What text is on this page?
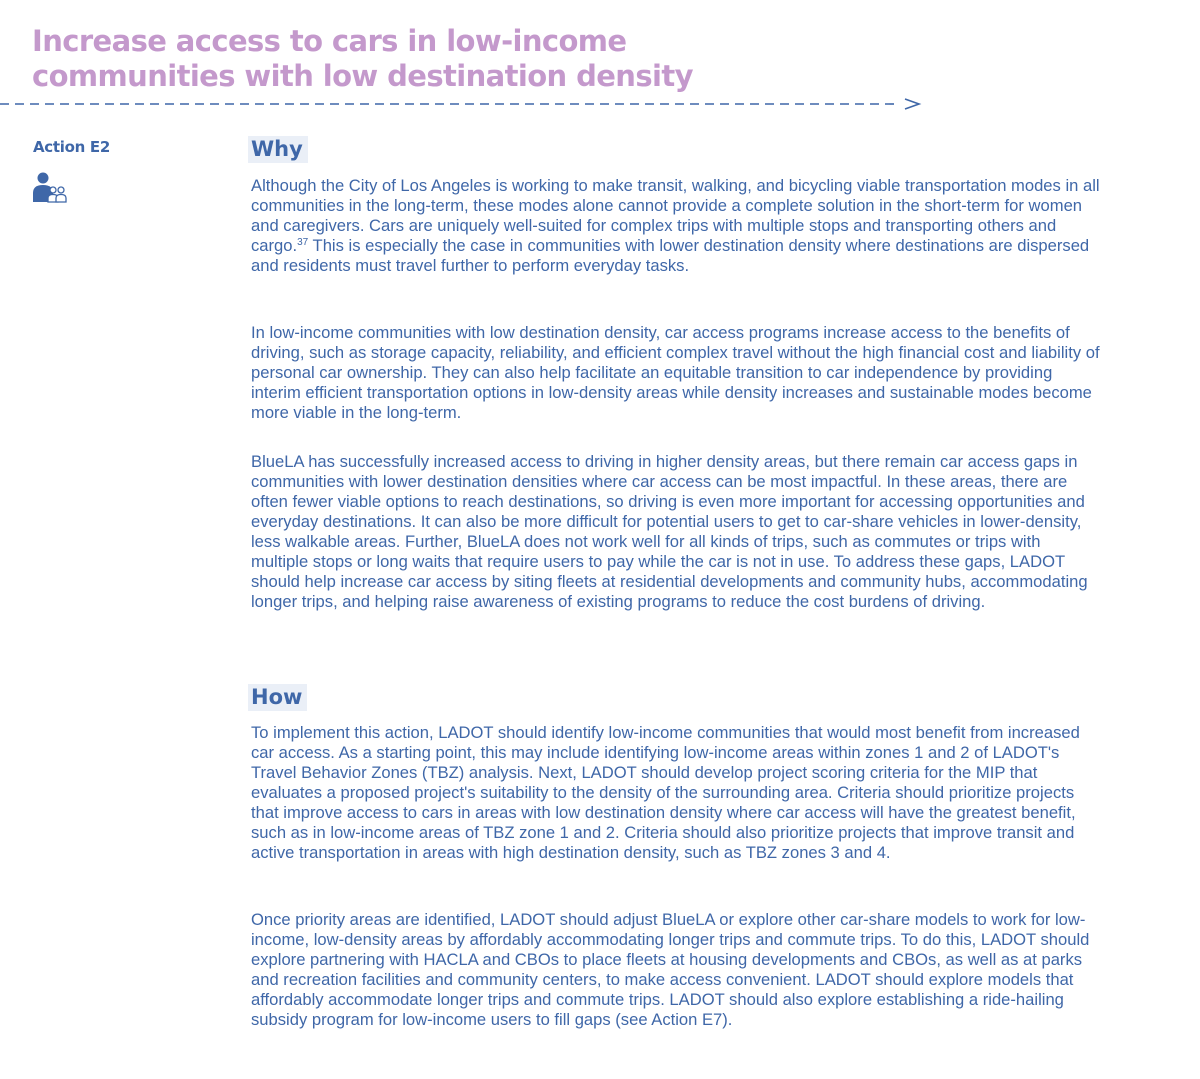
Increase access to cars in low-income
communities with low destination density
Action E2	Why

Although the City of Los Angeles is working to make transit, walking, and bicycling viable transportation modes in all communities in the long-term, these modes alone cannot provide a complete solution in the short-term for women and caregivers. Cars are uniquely well-suited for complex trips with multiple stops and transporting others and cargo.$^{37}$ This is especially the case in communities with lower destination density where destinations are dispersed and residents must travel further to perform everyday tasks.

In low-income communities with low destination density, car access programs increase access to the benefits of driving, such as storage capacity, reliability, and efficient complex travel without the high financial cost and liability of personal car ownership. They can also help facilitate an equitable transition to car independence by providing interim efficient transportation options in low-density areas while density increases and sustainable modes become more viable in the long-term.

BlueLA has successfully increased access to driving in higher density areas, but there remain car access gaps in communities with lower destination densities where car access can be most impactful. In these areas, there are often fewer viable options to reach destinations, so driving is even more important for accessing opportunities and everyday destinations. It can also be more difficult for potential users to get to car-share vehicles in lower-density, less walkable areas. Further, BlueLA does not work well for all kinds of trips, such as commutes or trips with multiple stops or long waits that require users to pay while the car is not in use. To address these gaps, LADOT should help increase car access by siting fleets at residential developments and community hubs, accommodating longer trips, and helping raise awareness of existing programs to reduce the cost burdens of driving.

How

To implement this action, LADOT should identify low-income communities that would most benefit from increased car access. As a starting point, this may include identifying low-income areas within zones 1 and 2 of LADOT's Travel Behavior Zones (TBZ) analysis. Next, LADOT should develop project scoring criteria for the MIP that evaluates a proposed project's suitability to the density of the surrounding area. Criteria should prioritize projects that improve access to cars in areas with low destination density where car access will have the greatest benefit, such as in low-income areas of TBZ zone 1 and 2. Criteria should also prioritize projects that improve transit and active transportation in areas with high destination density, such as TBZ zones 3 and 4.

Once priority areas are identified, LADOT should adjust BlueLA or explore other car-share models to work for low-income, low-density areas by affordably accommodating longer trips and commute trips. To do this, LADOT should explore partnering with HACLA and CBOs to place fleets at housing developments and CBOs, as well as at parks and recreation facilities and community centers, to make access convenient. LADOT should explore models that affordably accommodate longer trips and commute trips. LADOT should also explore establishing a ride-hailing subsidy program for low-income users to fill gaps (see Action E7).
